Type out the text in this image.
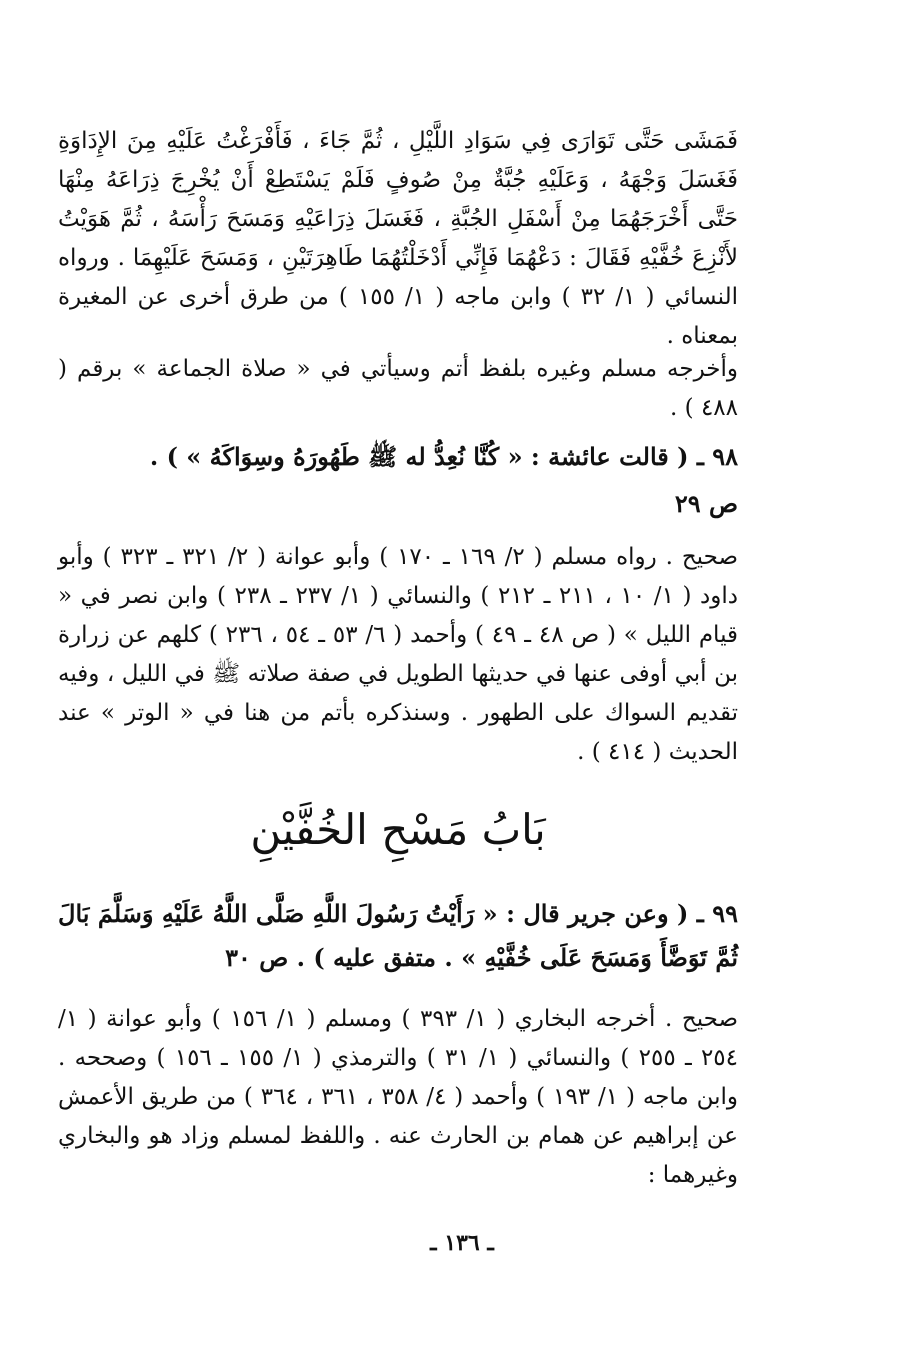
فَمَشَى حَتَّى تَوَارَى فِي سَوَادِ اللَّيْلِ ، ثُمَّ جَاءَ ، فَأَفْرَغْتُ عَلَيْهِ مِنَ الإِدَاوَةِ فَغَسَلَ وَجْهَهُ ، وَعَلَيْهِ جُبَّةٌ مِنْ صُوفٍ فَلَمْ يَسْتَطِعْ أَنْ يُخْرِجَ ذِرَاعَهُ مِنْهَا حَتَّى أَخْرَجَهُمَا مِنْ أَسْفَلِ الجُبَّةِ ، فَغَسَلَ ذِرَاعَيْهِ وَمَسَحَ رَأْسَهُ ، ثُمَّ هَوَيْتُ لأَنْزِعَ خُفَّيْهِ فَقَالَ : دَعْهُمَا فَإِنِّي أَدْخَلْتُهُمَا طَاهِرَتَيْنِ ، وَمَسَحَ عَلَيْهِمَا . ورواه النسائي ( ١/ ٣٢ ) وابن ماجه ( ١/ ١٥٥ ) من طرق أخرى عن المغيرة بمعناه .

وأخرجه مسلم وغيره بلفظ أتم وسيأتي في « صلاة الجماعة » برقم ( ٤٨٨ ) .

٩٨ ـ ( قالت عائشة : « كُنَّا نُعِدُّ له ﷺ طَهُورَهُ وسِوَاكَهُ » ) .

ص ٢٩

صحيح . رواه مسلم ( ٢/ ١٦٩ ـ ١٧٠ ) وأبو عوانة ( ٢/ ٣٢١ ـ ٣٢٣ ) وأبو داود ( ١/ ١٠ ، ٢١١ ـ ٢١٢ ) والنسائي ( ١/ ٢٣٧ ـ ٢٣٨ ) وابن نصر في « قيام الليل » ( ص ٤٨ ـ ٤٩ ) وأحمد ( ٦/ ٥٣ ـ ٥٤ ، ٢٣٦ ) كلهم عن زرارة بن أبي أوفى عنها في حديثها الطويل في صفة صلاته ﷺ في الليل ، وفيه تقديم السواك على الطهور . وسنذكره بأتم من هنا في « الوتر » عند الحديث ( ٤١٤ ) .

بَابُ مَسْحِ الخُفَّيْنِ

٩٩ ـ ( وعن جرير قال : « رَأَيْتُ رَسُولَ اللَّهِ صَلَّى اللَّهُ عَلَيْهِ وَسَلَّمَ بَالَ ثُمَّ تَوَضَّأَ وَمَسَحَ عَلَى خُفَّيْهِ » . متفق عليه ) . ص ٣٠

صحيح . أخرجه البخاري ( ١/ ٣٩٣ ) ومسلم ( ١/ ١٥٦ ) وأبو عوانة ( ١/ ٢٥٤ ـ ٢٥٥ ) والنسائي ( ١/ ٣١ ) والترمذي ( ١/ ١٥٥ ـ ١٥٦ ) وصححه . وابن ماجه ( ١/ ١٩٣ ) وأحمد ( ٤/ ٣٥٨ ، ٣٦١ ، ٣٦٤ ) من طريق الأعمش عن إبراهيم عن همام بن الحارث عنه . واللفظ لمسلم وزاد هو والبخاري وغيرهما :

ـ ١٣٦ ـ
